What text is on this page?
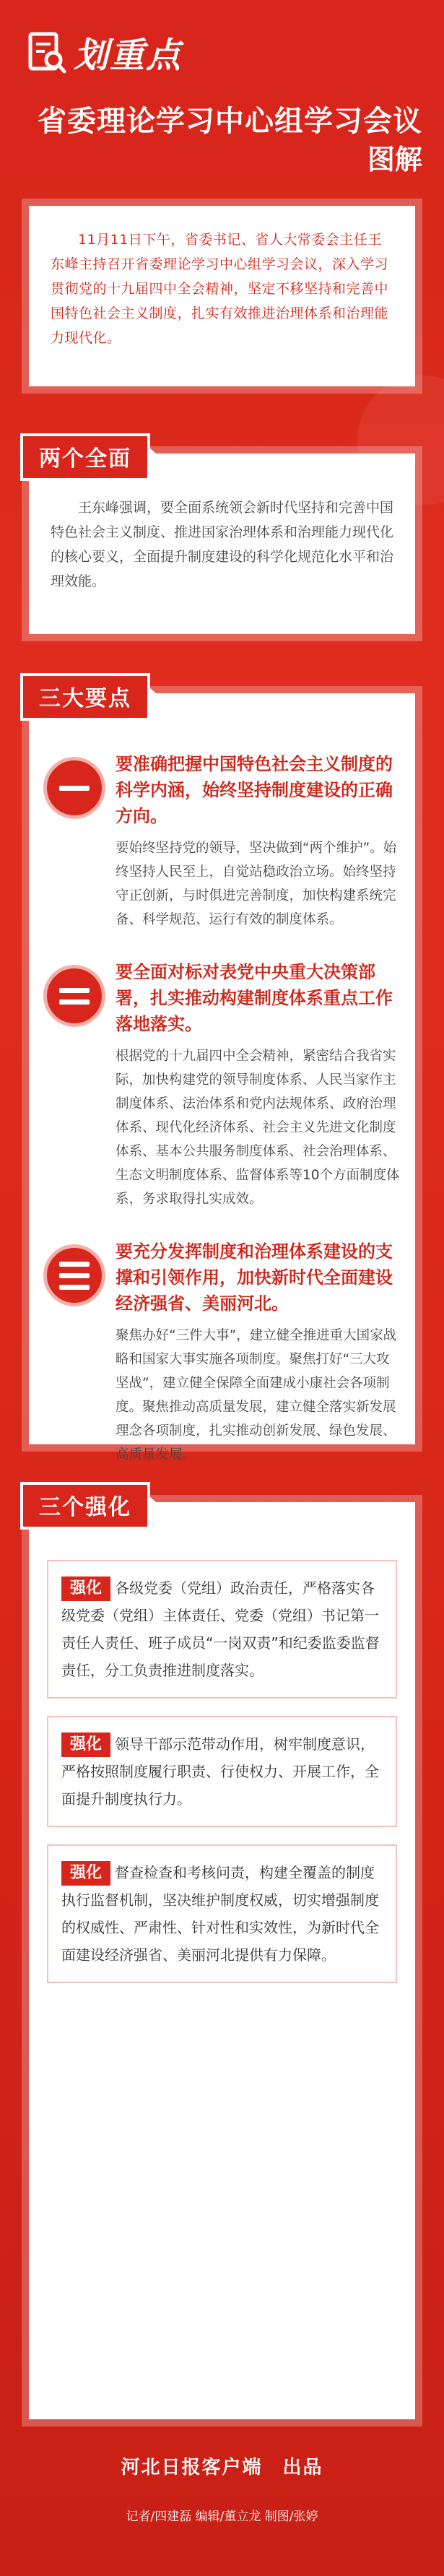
划重点
省委理论学习中心组学习会议
图解

11月11日下午，省委书记、省人大常委会主任王东峰主持召开省委理论学习中心组学习会议，深入学习贯彻党的十九届四中全会精神，坚定不移坚持和完善中国特色社会主义制度，扎实有效推进治理体系和治理能力现代化。

两个全面

王东峰强调，要全面系统领会新时代坚持和完善中国特色社会主义制度、推进国家治理体系和治理能力现代化的核心要义，全面提升制度建设的科学化规范化水平和治理效能。

三大要点
要准确把握中国特色社会主义制度的科学内涵，始终坚持制度建设的正确方向。
要始终坚持党的领导，坚决做到“两个维护”。始终坚持人民至上，自觉站稳政治立场。始终坚持守正创新，与时俱进完善制度，加快构建系统完备、科学规范、运行有效的制度体系。
要全面对标对表党中央重大决策部署，扎实推动构建制度体系重点工作落地落实。
根据党的十九届四中全会精神，紧密结合我省实际，加快构建党的领导制度体系、人民当家作主制度体系、法治体系和党内法规体系、政府治理体系、现代化经济体系、社会主义先进文化制度体系、基本公共服务制度体系、社会治理体系、生态文明制度体系、监督体系等10个方面制度体系，务求取得扎实成效。
要充分发挥制度和治理体系建设的支撑和引领作用，加快新时代全面建设经济强省、美丽河北。
聚焦办好“三件大事”，建立健全推进重大国家战略和国家大事实施各项制度。聚焦打好“三大攻坚战”，建立健全保障全面建成小康社会各项制度。聚焦推动高质量发展，建立健全落实新发展理念各项制度，扎实推动创新发展、绿色发展、高质量发展。
三个强化
强化 各级党委（党组）政治责任，严格落实各级党委（党组）主体责任、党委（党组）书记第一责任人责任、班子成员“一岗双责”和纪委监委监督责任，分工负责推进制度落实。
强化 领导干部示范带动作用，树牢制度意识，严格按照制度履行职责、行使权力、开展工作，全面提升制度执行力。
强化 督查检查和考核问责，构建全覆盖的制度执行监督机制，坚决维护制度权威，切实增强制度的权威性、严肃性、针对性和实效性，为新时代全面建设经济强省、美丽河北提供有力保障。
河北日报客户端　出品
记者/四建磊 编辑/董立龙 制图/张婷
